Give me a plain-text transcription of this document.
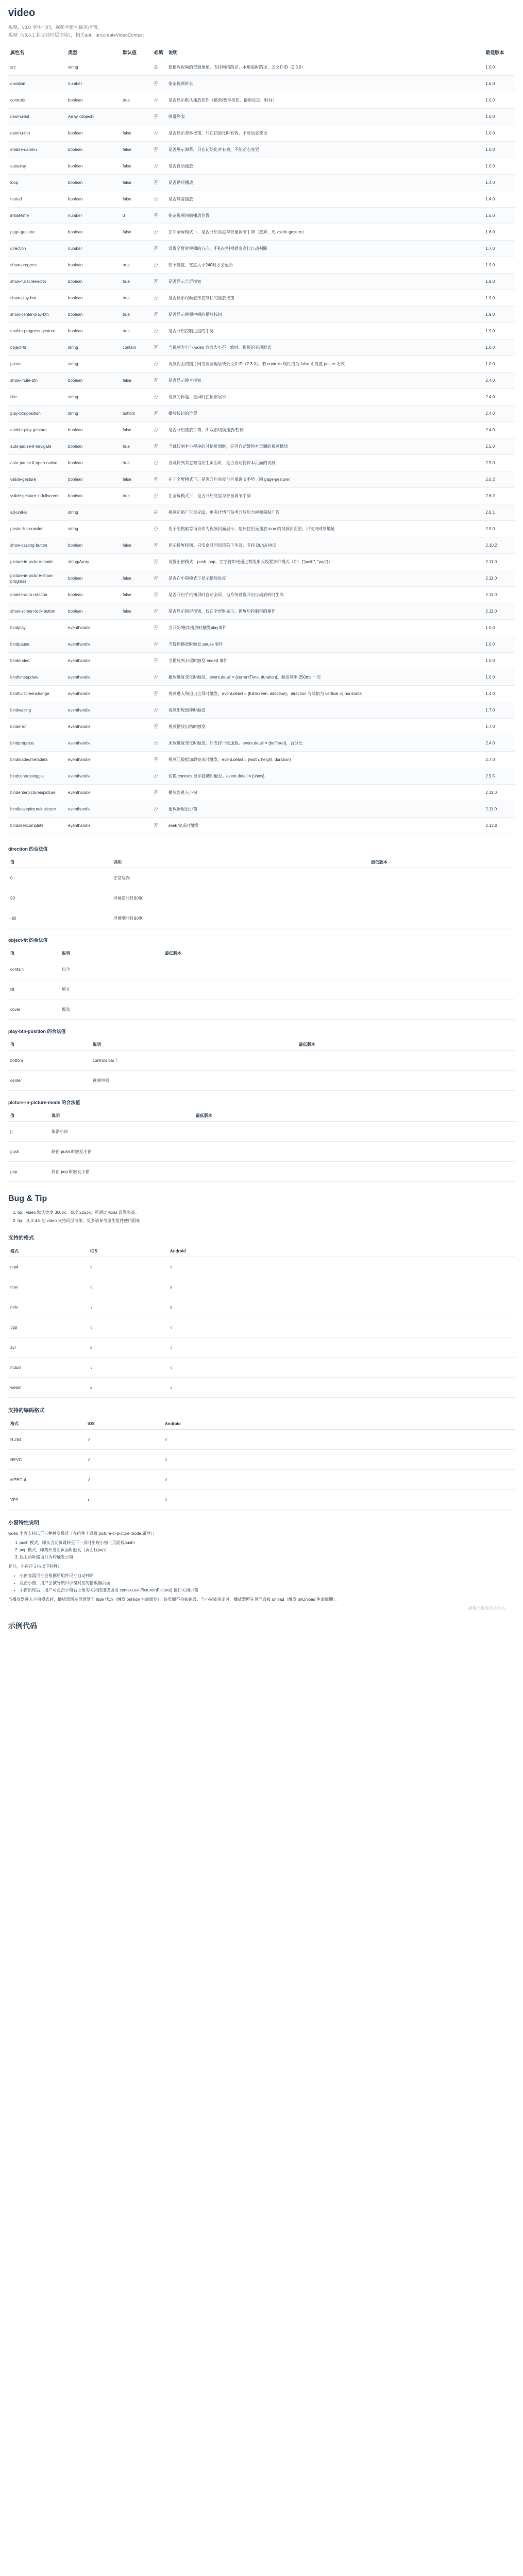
video
视频，v3.0 字体时间，视频卡组件播放控制。
视频（v3.4.1 起支持同层渲染），相关api：uni.createVideoContext
属性名	类型	默认值	必填	说明	最低版本
src	string		是	要播放视频的资源地址，支持网络路径、本地临时路径、云文件ID（2.3.0）	1.0.0
duration	number		否	指定视频时长	1.6.0
controls	boolean	true	否	是否显示默认播放控件（播放/暂停按钮、播放进度、时间）	1.0.0
danmu-list	Array.<object>		否	弹幕列表	1.0.0
danmu-btn	boolean	false	否	是否显示弹幕按钮，只在初始化时有效，不能动态变更	1.0.0
enable-danmu	boolean	false	否	是否展示弹幕，只在初始化时有效，不能动态变更	1.0.0
autoplay	boolean	false	否	是否自动播放	1.0.0
loop	boolean	false	否	是否循环播放	1.4.0
muted	boolean	false	否	是否静音播放	1.4.0
initial-time	number	0	否	指定视频初始播放位置	1.6.0
page-gesture	boolean	false	否	在非全屏模式下，是否开启亮度与音量调节手势（废弃，见 vslide-gesture）	1.6.0
direction	number		否	设置全屏时视频的方向，不指定则根据宽高比自动判断	1.7.0
show-progress	boolean	true	否	若不设置，宽度大于240时才会显示	1.9.0
show-fullscreen-btn	boolean	true	否	是否显示全屏按钮	1.9.0
show-play-btn	boolean	true	否	是否显示视频底部控制栏的播放按钮	1.9.0
show-center-play-btn	boolean	true	否	是否显示视频中间的播放按钮	1.9.0
enable-progress-gesture	boolean	true	否	是否开启控制进度的手势	1.9.0
object-fit	string	contain	否	当视频大小与 video 容器大小不一致时，视频的表现形式	1.0.0
poster	string		否	视频封面的图片网络资源地址或云文件ID（2.3.0）。若 controls 属性值为 false 则设置 poster 无效	1.0.0
show-mute-btn	boolean	false	否	是否显示静音按钮	2.4.0
title	string		否	视频的标题，全屏时在顶部展示	2.4.0
play-btn-position	string	bottom	否	播放按钮的位置	2.4.0
enable-play-gesture	boolean	false	否	是否开启播放手势，即双击切换播放/暂停	2.4.0
auto-pause-if-navigate	boolean	true	否	当跳转到本小程序的其他页面时，是否自动暂停本页面的视频播放	2.5.0
auto-pause-if-open-native	boolean	true	否	当跳转到其它微信原生页面时，是否自动暂停本页面的视频	2.5.0
vslide-gesture	boolean	false	否	在非全屏模式下，是否开启亮度与音量调节手势（同 page-gesture）	2.6.2
vslide-gesture-in-fullscreen	boolean	true	否	在全屏模式下，是否开启亮度与音量调节手势	2.6.2
ad-unit-id	string		是	视频前贴广告单元ID，更多详情可参考开放能力视频前贴广告	2.8.1
poster-for-crawler	string		否	用于给搜索等场景作为视频封面展示，建议使用无播放 icon 的视频封面图，只支持网络地址	2.9.0
show-casting-button	boolean	false	否	显示投屏按钮。只安卓且同层渲染下生效，支持 DLNA 协议	2.10.2
picture-in-picture-mode	string/Array		否	设置小窗模式：push, pop，空字符串或通过数组形式设置多种模式（如：["push", "pop"]）	2.11.0
picture-in-picture-show-progress	boolean	false	否	是否在小窗模式下显示播放进度	2.11.0
enable-auto-rotation	boolean	false	否	是否开启手机横屏时自动全屏，当系统设置开启自动旋转时生效	2.11.0
show-screen-lock-button	boolean	false	否	是否显示锁屏按钮，仅在全屏时显示，锁屏后控制栏的操作	2.11.0
bindplay	eventhandle		否	当开始/继续播放时触发play事件	1.0.0
bindpause	eventhandle		否	当暂停播放时触发 pause 事件	1.0.0
bindended	eventhandle		否	当播放到末尾时触发 ended 事件	1.0.0
bindtimeupdate	eventhandle		否	播放进度变化时触发，event.detail = {currentTime, duration}。触发频率 250ms 一次	1.0.0
bindfullscreenchange	eventhandle		否	视频进入和退出全屏时触发，event.detail = {fullScreen, direction}，direction 有效值为 vertical 或 horizontal	1.4.0
bindwaiting	eventhandle		否	视频出现缓冲时触发	1.7.0
binderror	eventhandle		否	视频播放出错时触发	1.7.0
bindprogress	eventhandle		否	加载进度变化时触发，只支持一段加载。event.detail = {buffered}，百分比	2.4.0
bindloadedmetadata	eventhandle		否	视频元数据加载完成时触发。event.detail = {width, height, duration}	2.7.0
bindcontrolstoggle	eventhandle		否	切换 controls 显示隐藏时触发。event.detail = {show}	2.9.5
bindenterpictureinpicture	eventhandle		否	播放器进入小窗	2.11.0
bindleavepictureinpicture	eventhandle		否	播放器退出小窗	2.11.0
bindseekcomplete	eventhandle		否	seek 完成时触发	2.12.0
direction 的合法值
值	说明	最低版本
0	正常竖向	
90	屏幕逆时针90度	
-90	屏幕顺时针90度	
object-fit 的合法值
值	说明	最低版本
contain	包含	
fill	填充	
cover	覆盖	
play-btn-position 的合法值
值	说明	最低版本
bottom	controls bar上	
center	视频中间	
picture-in-picture-mode 的合法值
值	说明	最低版本
[]	取消小窗	
push	路由 push 时触发小窗	
pop	路由 pop 时触发小窗	
Bug & Tip
1. tip：video 默认宽度 300px、高度 225px，可通过 wxss 设置宽高。
2. tip：从 2.4.0 起 video 支持同层渲染，更多请参考原生组件使用限制
支持的格式
格式	iOS	Android
mp4	√	√
mov	√	x
m4v	√	x
3gp	√	√
avi	x	√
m3u8	√	√
webm	x	√
支持的编码格式
格式	iOS	Android
H.264	√	√
HEVC	√	√
MPEG-4	√	√
VP9	x	√
小窗特性说明
video 小窗支持以下三种触发模式（在组件上设置 picture-in-picture-mode 属性）：
1. push 模式，即从当前页跳转至下一页时出现小窗（页面栈push）
2. pop 模式，即离开当前页面时触发（页面栈pop）
3. 以上两种路由行为均触发小窗
此外，小窗还支持以下特性：
• 小窗容器尺寸会根据原组件尺寸自动判断
• 点击小窗，用户会被导航回小窗对应的播放器页面
• 小窗出现后，用户可点击小窗右上角的关闭按钮或调用 context.exitPictureInPicture() 接口关闭小窗
当播放器进入小窗模式后，播放器所在页面处于 hide 状态（触发 onHide 生命周期），该页面不会被销毁。当小窗被关闭时，播放器所在页面会被 unload（触发 onUnload 生命周期）。
@稀土掘金技术社区
示例代码
